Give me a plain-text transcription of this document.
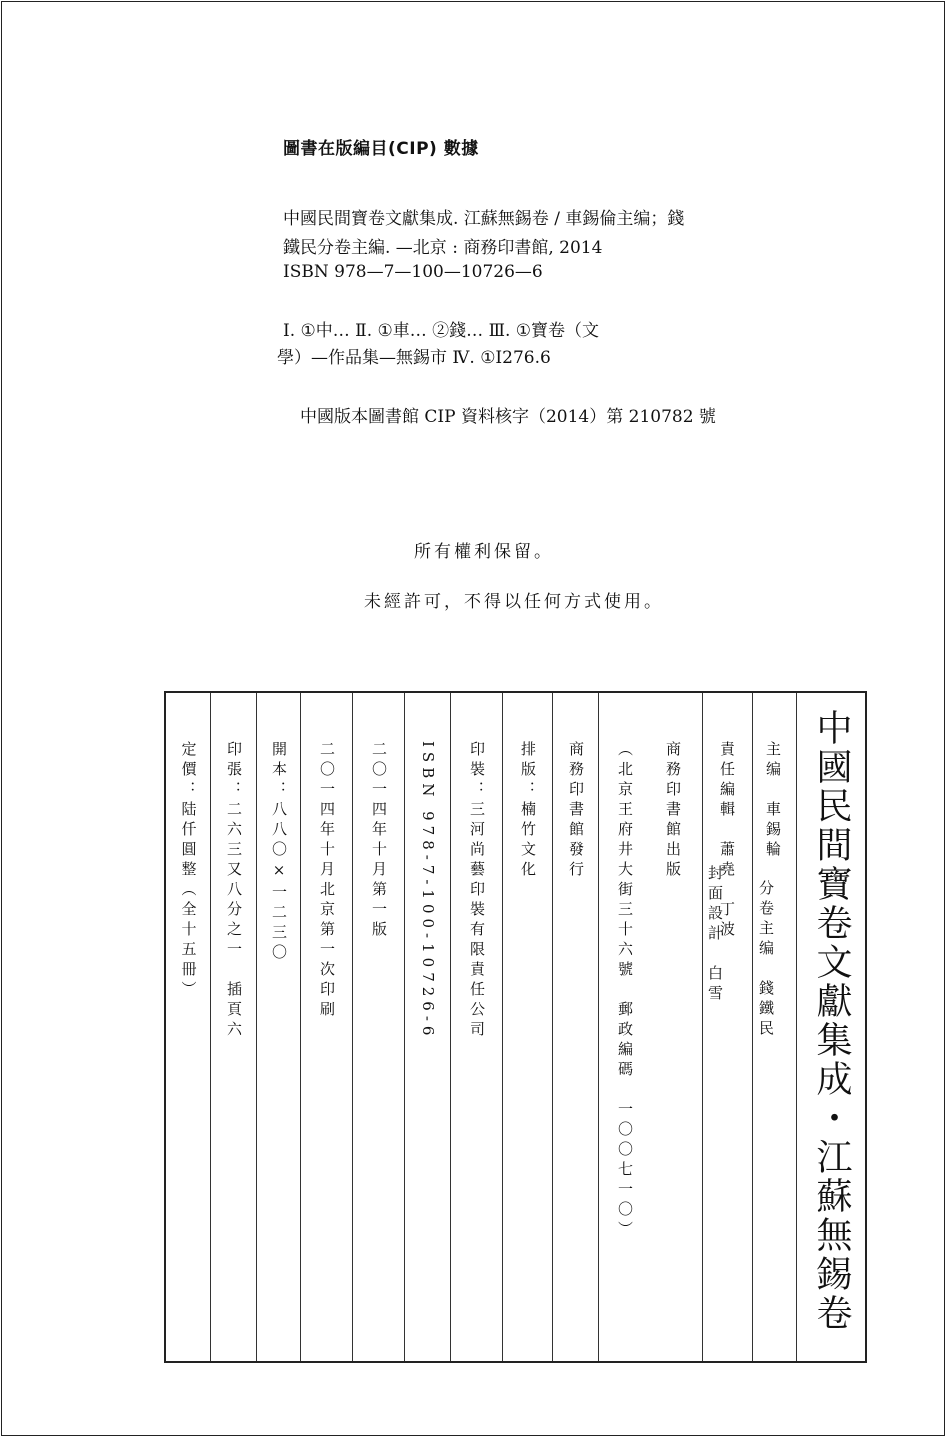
圖書在版編目(CIP) 數據
中國民間寶卷文獻集成. 江蘇無錫卷 / 車錫倫主编；錢
鐵民分卷主編. —北京 : 商務印書館, 2014
ISBN 978—7—100—10726—6
Ⅰ. ①中… Ⅱ. ①車… ②錢… Ⅲ. ①寶卷（文
學）—作品集—無錫市 Ⅳ. ①I276.6
中國版本圖書館 CIP 資料核字（2014）第 210782 號
所有權利保留。
未經許可，不得以任何方式使用。
定價：陆仟圓整（全十五冊） 印張：二六三又八分之一　插頁六 開本：八八〇×一二三〇 二〇一四年十月北京第一次印刷 二〇一四年十月第一版 ISBN 978-7-100-10726-6 印裝：三河尚藝印裝有限責任公司 排版：楠竹文化 商務印書館發行 （北京王府井大街三十六號　郵政編碼　一〇〇七一〇） 商務印書館出版 責任編輯　蕭堯　丁波 主编　車錫輪 中國民間寶卷文獻集成・江蘇無錫卷
封面設計　白雪 分卷主编　錢鐵民
